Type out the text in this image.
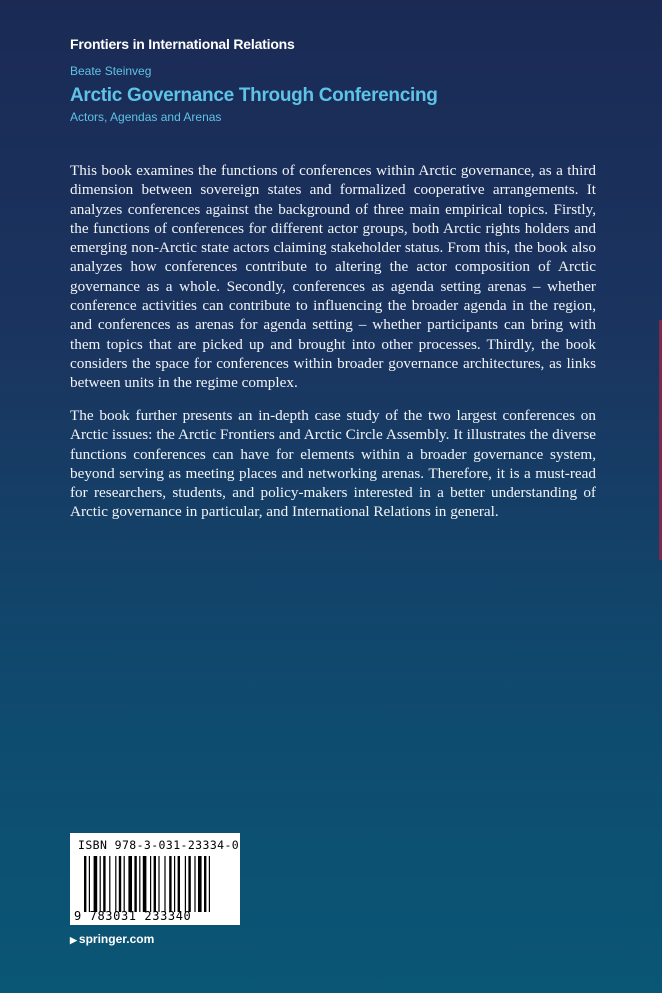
Frontiers in International Relations
Beate Steinveg
Arctic Governance Through Conferencing
Actors, Agendas and Arenas

This book examines the functions of conferences within Arctic governance, as a third dimension between sovereign states and formalized cooperative arrangements. It analyzes conferences against the background of three main empirical topics. Firstly, the functions of conferences for different actor groups, both Arctic rights holders and emerging non-Arctic state actors claiming stakeholder status. From this, the book also analyzes how conferences contribute to altering the actor composition of Arctic governance as a whole. Secondly, conferences as agenda setting arenas – whether conference activities can contribute to influencing the broader agenda in the region, and conferences as arenas for agenda setting – whether participants can bring with them topics that are picked up and brought into other processes. Thirdly, the book considers the space for conferences within broader governance architectures, as links between units in the regime complex.

The book further presents an in-depth case study of the two largest conferences on Arctic issues: the Arctic Frontiers and Arctic Circle Assembly. It illustrates the diverse functions conferences can have for elements within a broader governance system, beyond serving as meeting places and networking arenas. Therefore, it is a must-read for researchers, students, and policy-makers interested in a better understanding of Arctic governance in particular, and International Relations in general.

ISBN 978-3-031-23334-0
9 783031 233340
▶ springer.com
